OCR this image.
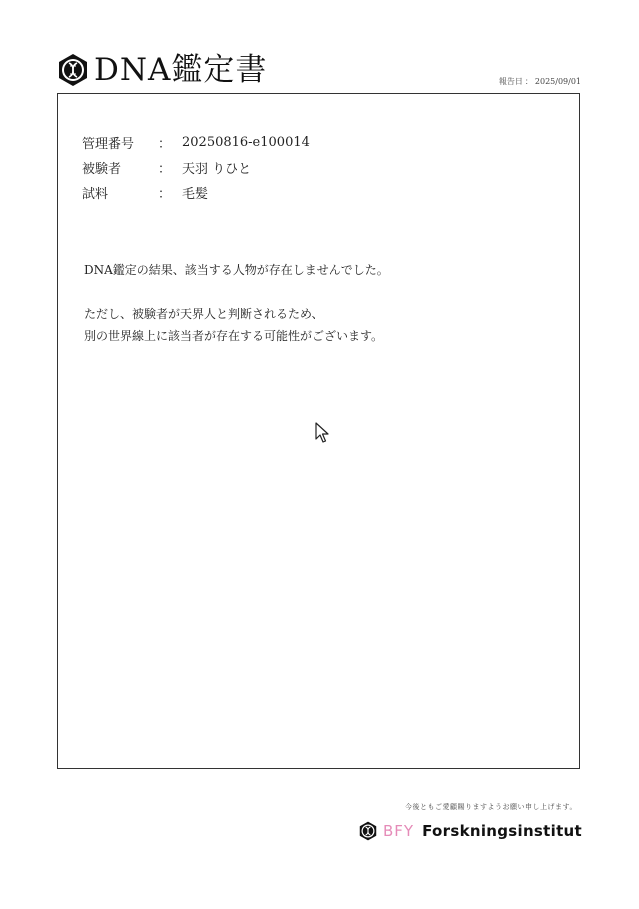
DNA鑑定書	報告日 ： 2025/09/01
管理番号	： 20250816-e100014
被験者	： 天羽 りひと
試料	： 毛髪

DNA鑑定の結果、該当する人物が存在しませんでした。

ただし、被験者が天界人と判断されるため、

別の世界線上に該当者が存在する可能性がございます。

今後ともご愛顧賜りますようお願い申し上げます。
BFY Forskningsinstitut
